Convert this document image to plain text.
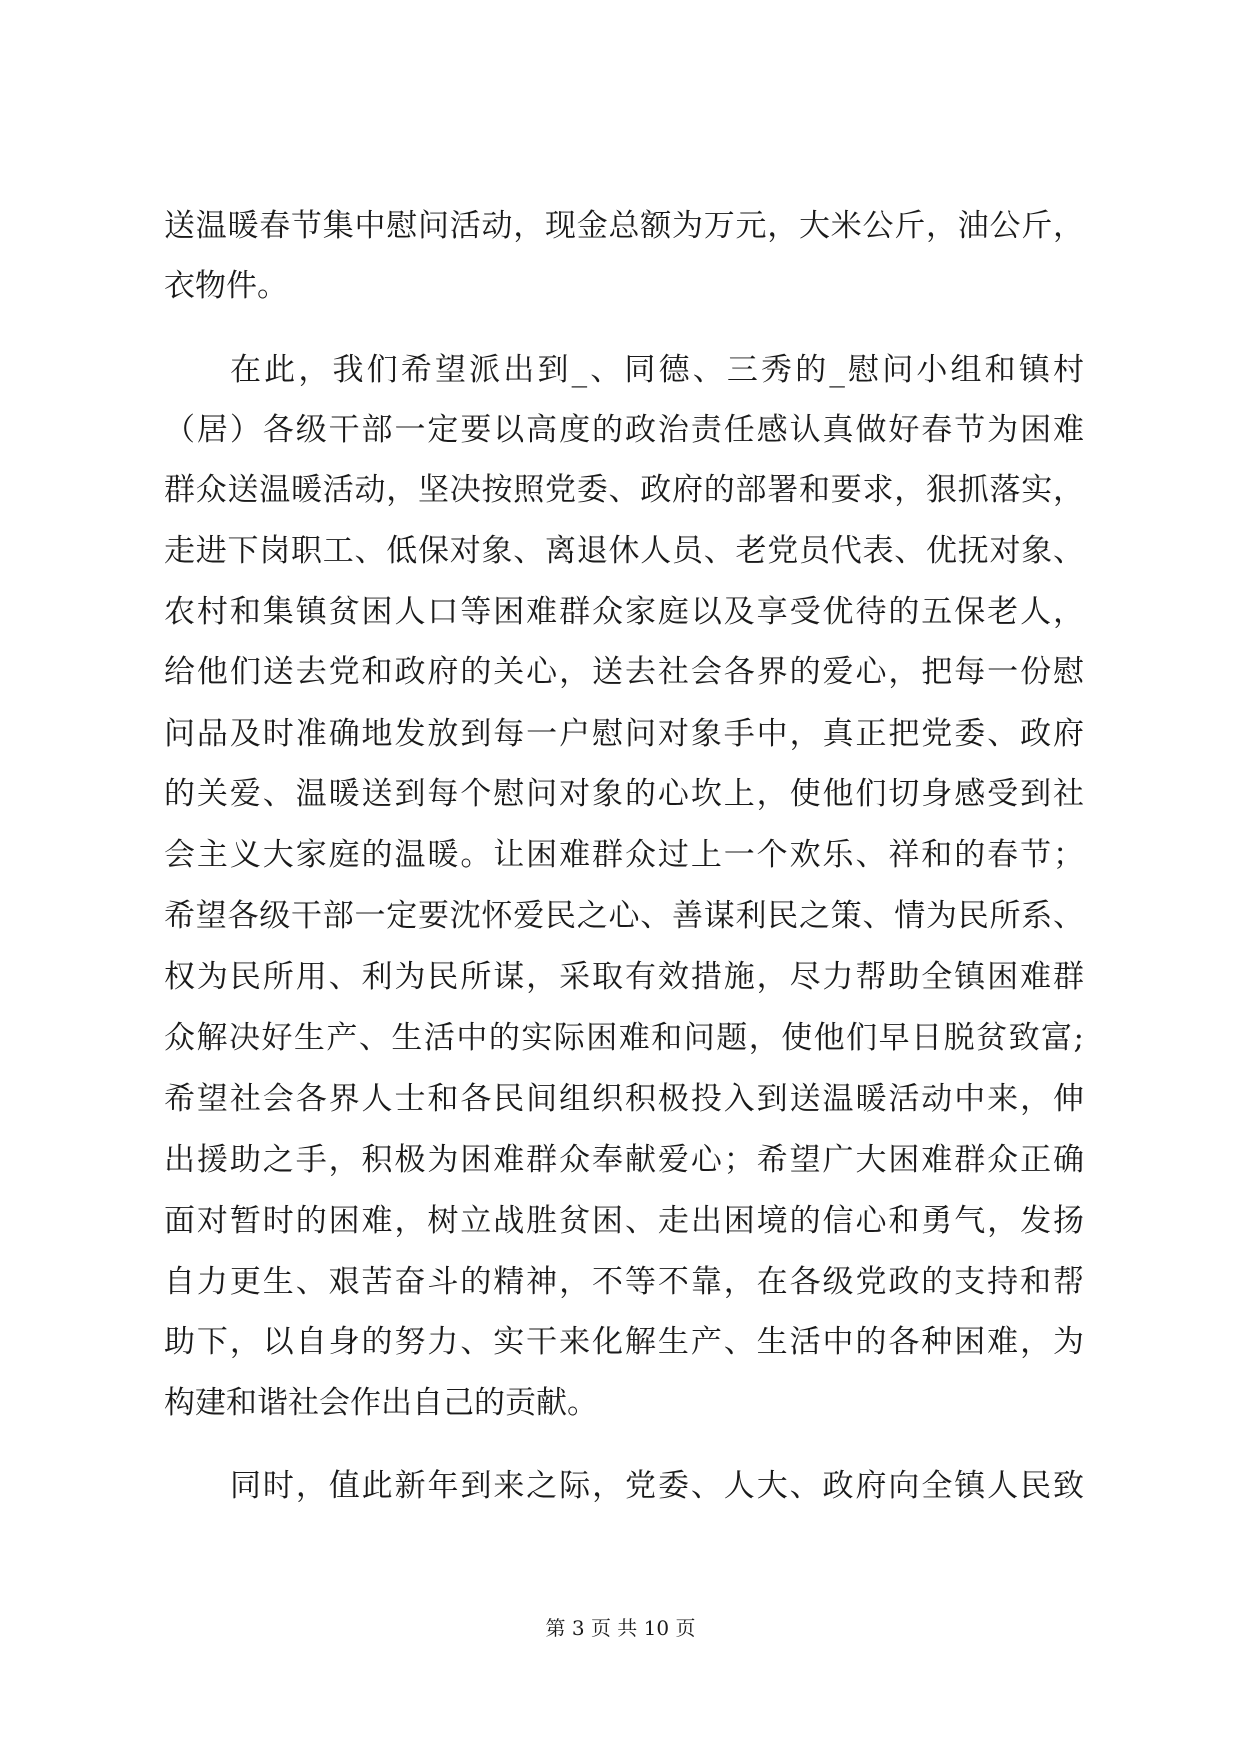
送温暖春节集中慰问活动，现金总额为万元，大米公斤，油公斤，
衣物件。
在此，我们希望派出到_、同德、三秀的_慰问小组和镇村
（居）各级干部一定要以高度的政治责任感认真做好春节为困难
群众送温暖活动，坚决按照党委、政府的部署和要求，狠抓落实，
走进下岗职工、低保对象、离退休人员、老党员代表、优抚对象、
农村和集镇贫困人口等困难群众家庭以及享受优待的五保老人，
给他们送去党和政府的关心，送去社会各界的爱心，把每一份慰
问品及时准确地发放到每一户慰问对象手中，真正把党委、政府
的关爱、温暖送到每个慰问对象的心坎上，使他们切身感受到社
会主义大家庭的温暖。让困难群众过上一个欢乐、祥和的春节；
希望各级干部一定要沈怀爱民之心、善谋利民之策、情为民所系、
权为民所用、利为民所谋，采取有效措施，尽力帮助全镇困难群
众解决好生产、生活中的实际困难和问题，使他们早日脱贫致富;
希望社会各界人士和各民间组织积极投入到送温暖活动中来，伸
出援助之手，积极为困难群众奉献爱心；希望广大困难群众正确
面对暂时的困难，树立战胜贫困、走出困境的信心和勇气，发扬
自力更生、艰苦奋斗的精神，不等不靠，在各级党政的支持和帮
助下，以自身的努力、实干来化解生产、生活中的各种困难，为
构建和谐社会作出自己的贡献。
同时，值此新年到来之际，党委、人大、政府向全镇人民致
第 3 页 共 10 页
